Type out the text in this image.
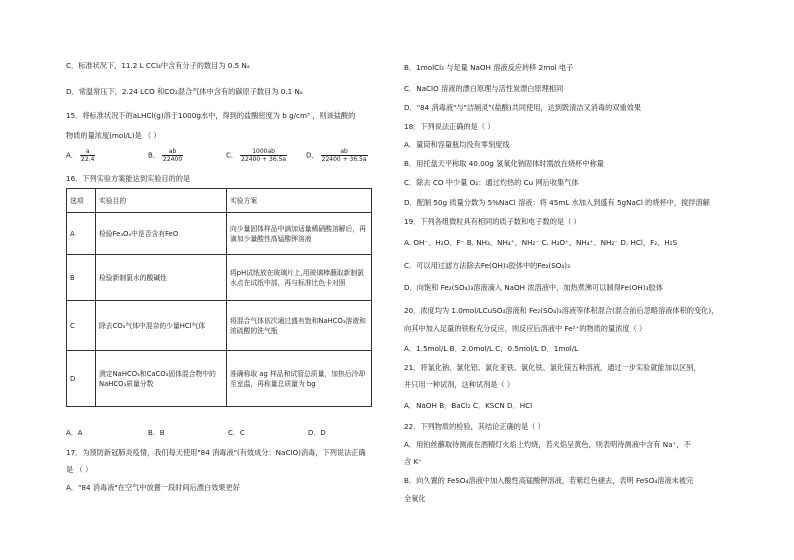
C．标准状况下，11.2 L CCl₄中含有分子的数目为 0.5 Nₐ
D．常温常压下，2.24 LCO 和CO₂混合气体中含有的碳原子数目为 0.1 Nₐ
15．将标准状况下的aLHCl(g)溶于1000g水中，得到的盐酸密度为 b g/cm³ ，则该盐酸的
物质的量浓度(mol/L)是 （ ）
A． $\frac{a}{22.4}$	B． $\frac{ab}{22400}$	C． $\frac{1000ab}{22400 + 36.5a}$	D． $\frac{ab}{22400 + 36.5a}$
16．下列实验方案能达到实验目的的是
选项	实验目的	实验方案
A	检验Fe₃O₄中是否含有FeO	向少量固体样品中滴加适量稀硝酸溶解后，再滴加少量酸性高锰酸钾溶液
B	检验新制氯水的酸碱性	将pH试纸放在玻璃片上,用玻璃棒蘸取新制氯水点在试纸中部，再与标准比色卡对照
C	除去CO₂气体中混杂的少量HCl气体	将混合气体依次通过盛有饱和NaHCO₃溶液和浓硫酸的洗气瓶
D	测定NaHCO₃和CaCO₃固体混合物中的NaHCO₃质量分数	准确称取 ag 样品和试管总质量，加热后冷却至室温，再称量总质量为 bg
A．A	B．B	C．C	D．D
17．为预防新冠肺炎疫情，我们每天使用"84 消毒液"(有效成分：NaClO)消毒，下列说法正确
是 （ ）
A．"84 消毒液"在空气中放置一段时间后漂白效果更好
B．1molCl₂ 与足量 NaOH 溶液反应转移 2mol 电子
C．NaClO 溶液的漂白原理与活性炭漂白原理相同
D．"84 消毒液"与"洁厕灵"(盐酸)共同使用，达到既清洁又消毒的双重效果
18．下列说法正确的是（ ）
A．量筒和容量瓶均没有零刻度线
B．用托盘天平称取 40.00g 氢氧化钠固体时需放在烧杯中称量
C．除去 CO 中少量 O₂：通过灼热的 Cu 网后收集气体
D．配制 50g 质量分数为 5%NaCl 溶液：将 45mL 水加入到盛有 5gNaCl 的烧杯中，搅拌溶解
19．下列各组微粒具有相同的质子数和电子数的是（ ）
A. OH⁻、H₂O、F⁻ B. NH₃、NH₄⁺、NH₂⁻ C. H₃O⁺、NH₄⁺、NH₂⁻ D. HCl、F₂、H₂S
C．可以用过滤方法除去Fe(OH)₃胶体中的Fe₂(SO₄)₃
D．向饱和 Fe₂(SO₄)₃溶液滴入 NaOH 浓溶液中，加热煮沸可以制得Fe(OH)₃胶体
20．浓度均为 1.0mol/LCuSO₄溶液和 Fe₂(SO₄)₃溶液等体积混合(混合前后忽略溶液体积的变化)，
向其中加入足量的铁粉充分反应，则反应后溶液中 Fe²⁺的物质的量浓度（ ）
A．1.5mol/L B．2.0mol/L C．0.5mol/L D．1mol/L
21．将氯化钠、氯化铝、氯化亚铁、氯化铁、氯化镁五种溶液，通过一步实验就能加以区别，
并只用一种试剂，这种试剂是（ ）
A．NaOH B．BaCl₂ C．KSCN D．HCl
22．下列物质的检验，其结论正确的是（ ）
A．用铂丝蘸取待测液在酒精灯火焰上灼烧，若火焰呈黄色，则表明待测液中含有 Na⁺，不
含 K⁺
B．向久置的 FeSO₄溶液中加入酸性高锰酸钾溶液，若紫红色褪去，表明 FeSO₄溶液未被完
全氧化
